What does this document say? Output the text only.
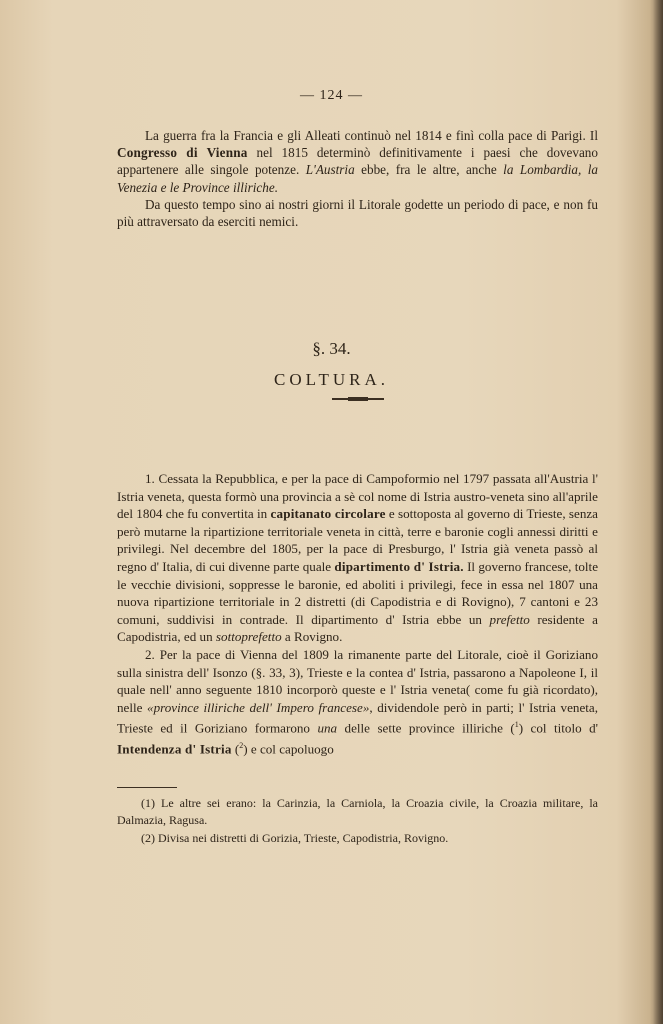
— 124 —

La guerra fra la Francia e gli Alleati continuò nel 1814 e finì colla pace di Parigi. Il Congresso di Vienna nel 1815 determinò definitivamente i paesi che dovevano appartenere alle singole potenze. L'Austria ebbe, fra le altre, anche la Lombardia, la Venezia e le Province illiriche.

Da questo tempo sino ai nostri giorni il Litorale godette un periodo di pace, e non fu più attraversato da eserciti nemici.

§. 34.
COLTURA.

1. Cessata la Repubblica, e per la pace di Campoformio nel 1797 passata all'Austria l' Istria veneta, questa formò una provincia a sè col nome di Istria austro-veneta sino all'aprile del 1804 che fu convertita in capitanato circolare e sottoposta al governo di Trieste, senza però mutarne la ripartizione territoriale veneta in città, terre e baronie cogli annessi diritti e privilegi. Nel decembre del 1805, per la pace di Presburgo, l' Istria già veneta passò al regno d' Italia, di cui divenne parte quale dipartimento d' Istria. Il governo francese, tolte le vecchie divisioni, soppresse le baronie, ed aboliti i privilegi, fece in essa nel 1807 una nuova ripartizione territoriale in 2 distretti (di Capodistria e di Rovigno), 7 cantoni e 23 comuni, suddivisi in contrade. Il dipartimento d' Istria ebbe un prefetto residente a Capodistria, ed un sottoprefetto a Rovigno.

2. Per la pace di Vienna del 1809 la rimanente parte del Litorale, cioè il Goriziano sulla sinistra dell' Isonzo (§. 33, 3), Trieste e la contea d' Istria, passarono a Napoleone I, il quale nell' anno seguente 1810 incorporò queste e l' Istria veneta( come fu già ricordato), nelle «province illiriche dell' Impero francese», dividendole però in parti; l' Istria veneta, Trieste ed il Goriziano formarono una delle sette province illiriche ($^1$) col titolo d' Intendenza d' Istria ($^2$) e col capoluogo

(1) Le altre sei erano: la Carinzia, la Carniola, la Croazia civile, la Croazia militare, la Dalmazia, Ragusa.

(2) Divisa nei distretti di Gorizia, Trieste, Capodistria, Rovigno.
